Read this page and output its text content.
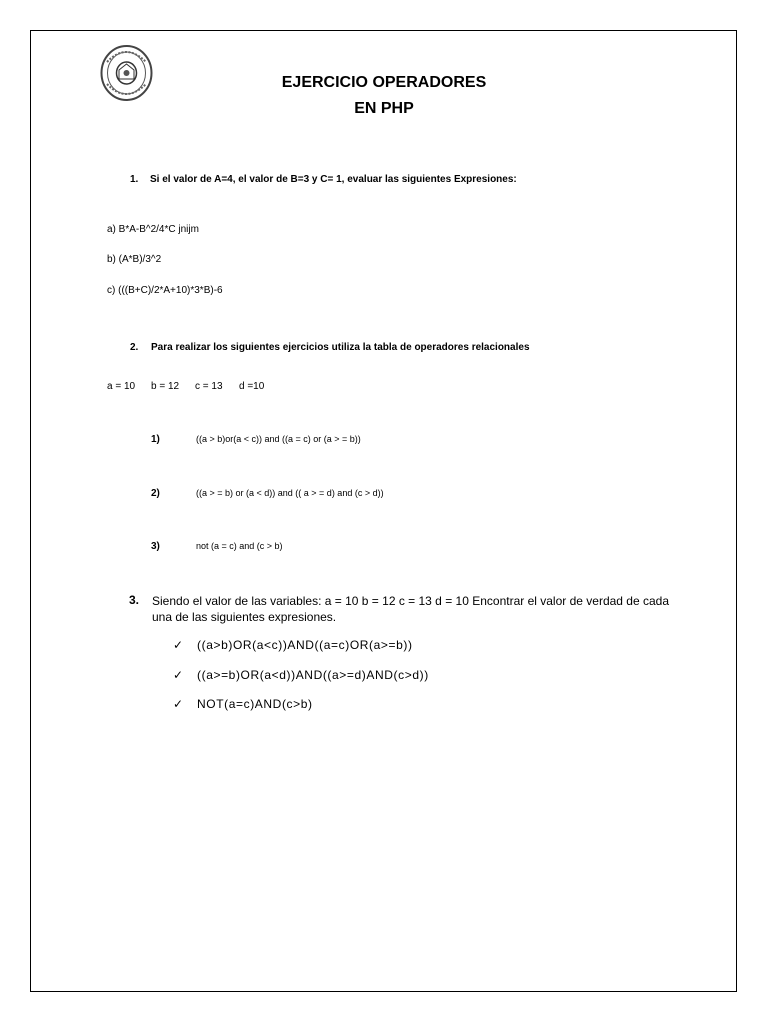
EJERCICIO OPERADORES
EN PHP
1. Si el valor de A=4, el valor de B=3 y C= 1, evaluar las siguientes Expresiones:
a) B*A-B^2/4*C jnijm
b) (A*B)/3^2
c) (((B+C)/2*A+10)*3*B)-6
2. Para realizar los siguientes ejercicios utiliza la tabla de operadores relacionales
a = 10 b = 12 c = 13 d =10
1)	((a > b)or(a < c)) and ((a = c) or (a > = b))
2)	((a > = b) or (a < d)) and (( a > = d) and (c > d))
3)	not (a = c) and (c > b)
3. Siendo el valor de las variables: a = 10 b = 12 c = 13 d = 10 Encontrar el valor de verdad de cada una de las siguientes expresiones.
✓ ((a>b)OR(a<c))AND((a=c)OR(a>=b))
✓ ((a>=b)OR(a<d))AND((a>=d)AND(c>d))
✓ NOT(a=c)AND(c>b)
